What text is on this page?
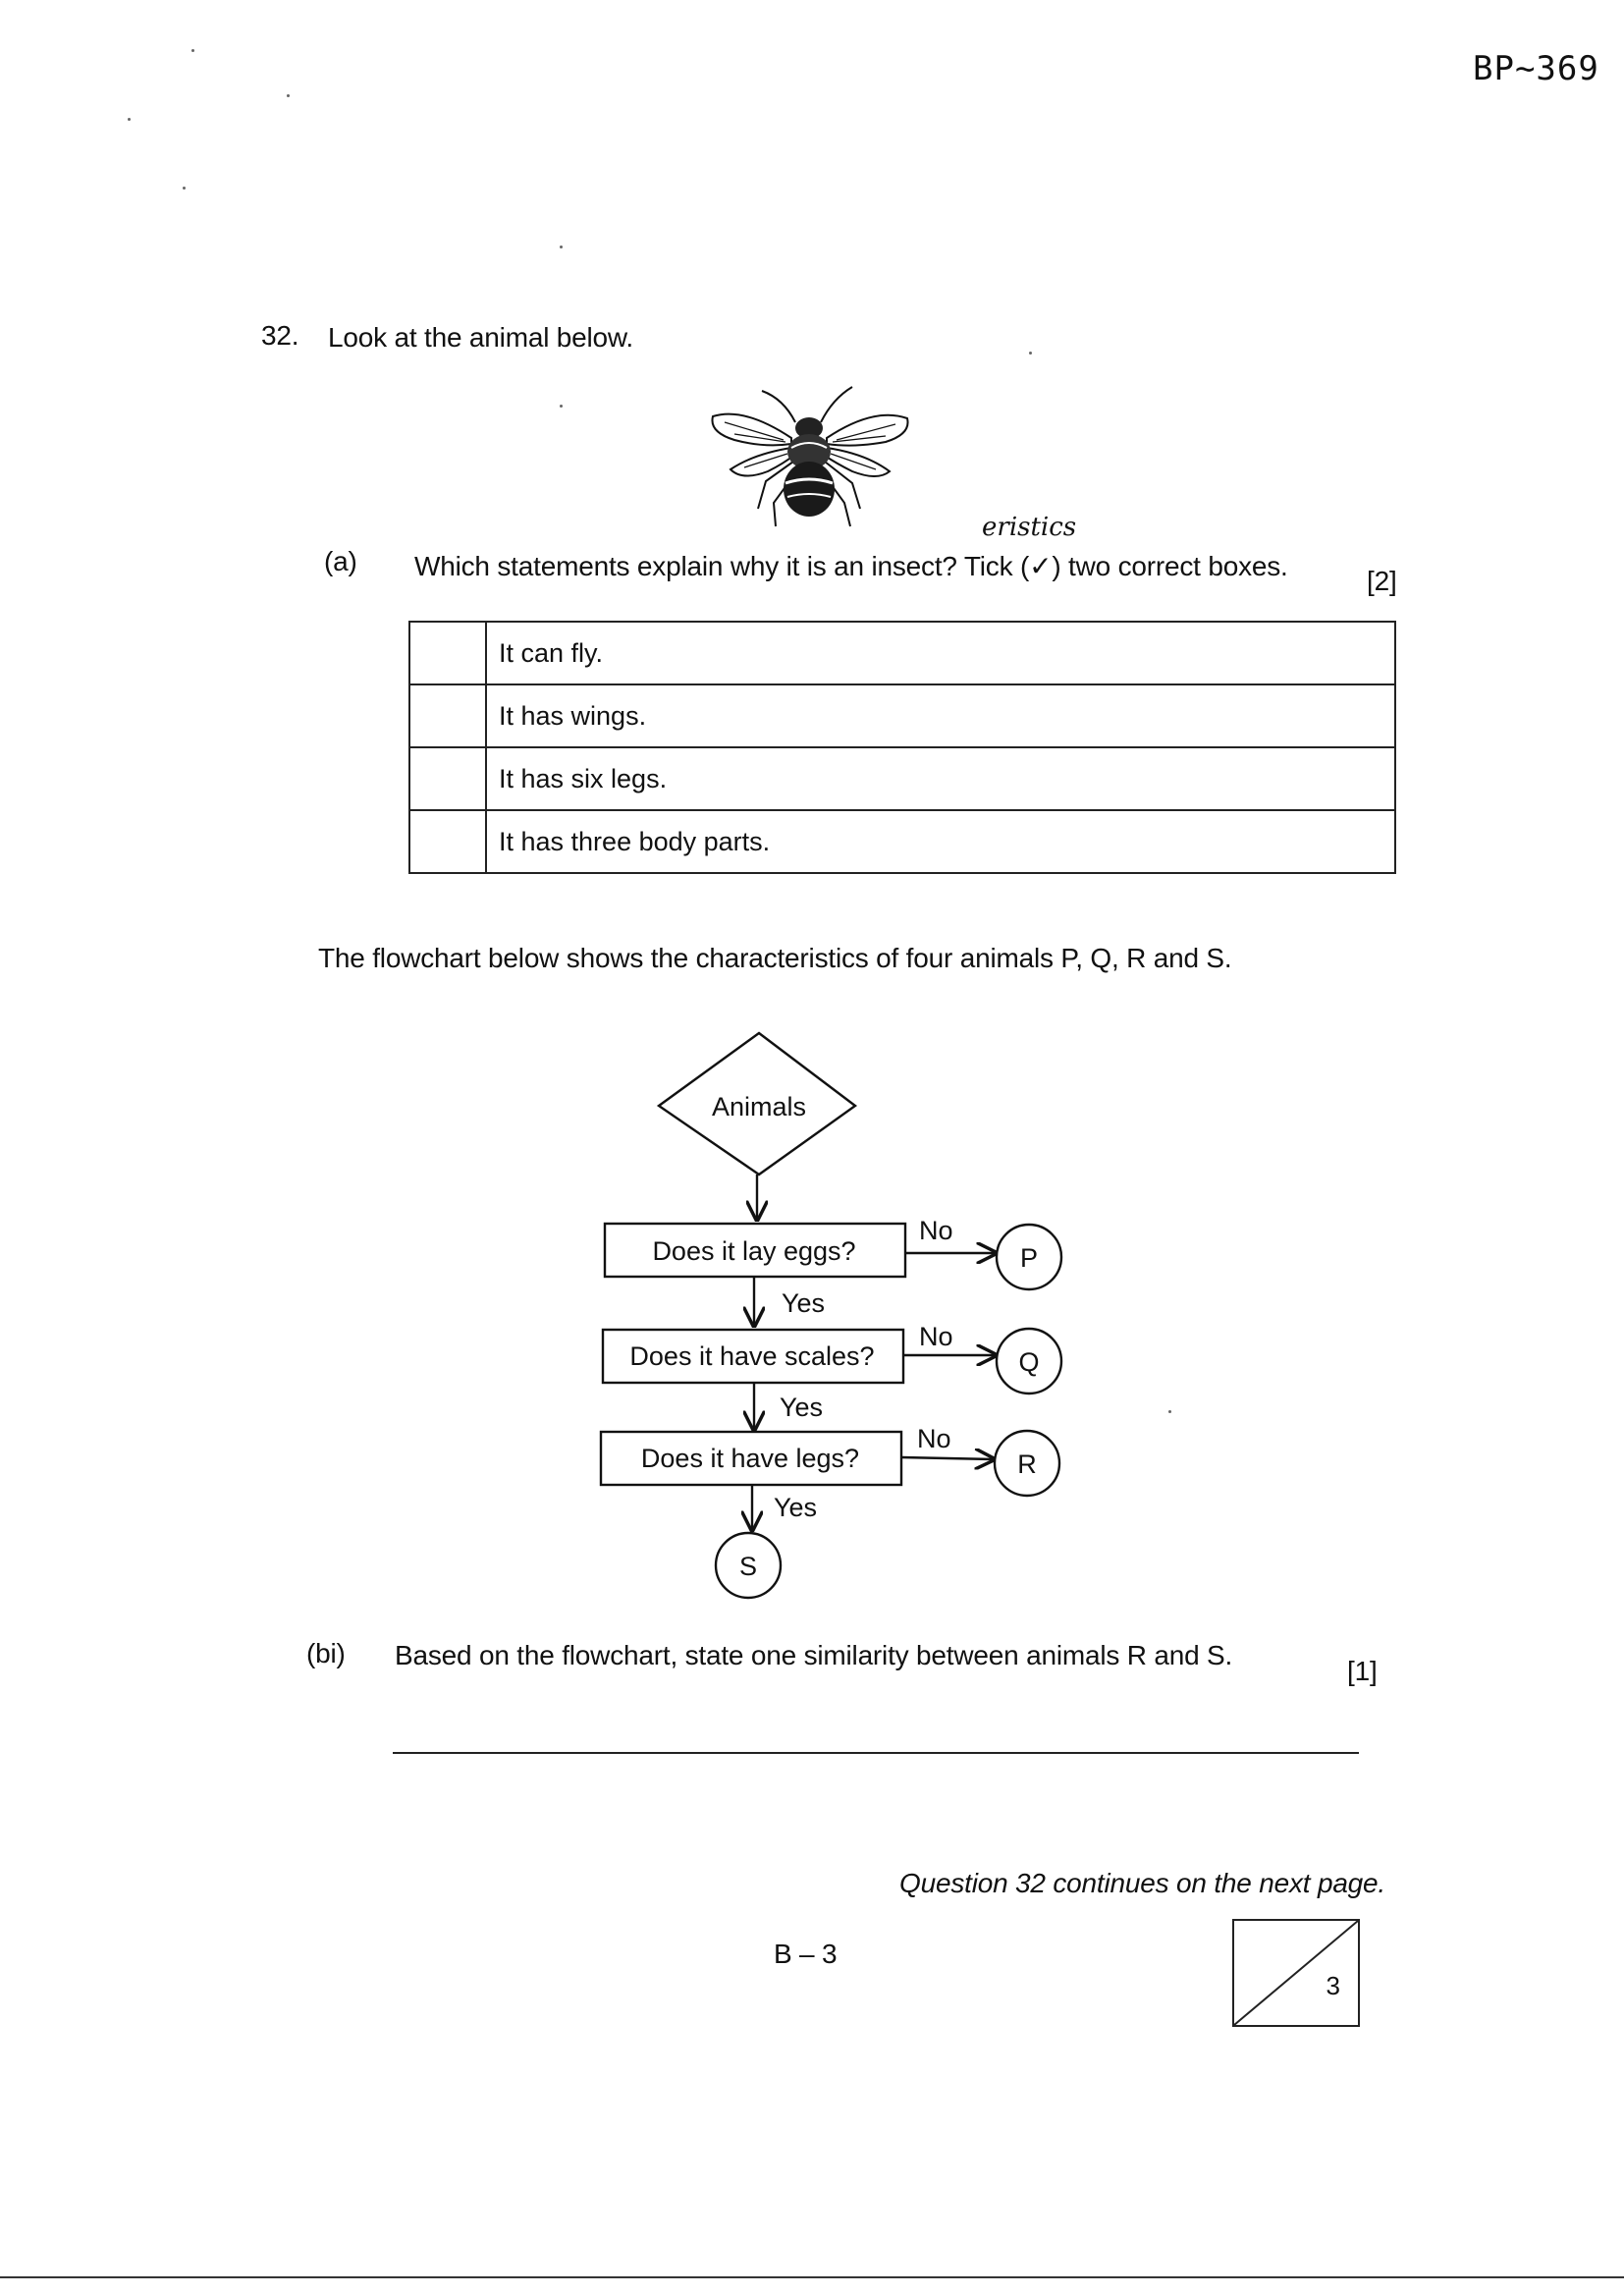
BP~369
32. Look at the animal below.
eristics
(a) Which statements explain why it is an insect? Tick (✓) two correct boxes.	[2]
	It can fly.
	It has wings.
	It has six legs.
	It has three body parts.
The flowchart below shows the characteristics of four animals P, Q, R and S.
Animals
Does it lay eggs?
No
P
Yes
Does it have scales?
No
Q
Yes
Does it have legs?
No
R
Yes
S
(bi) Based on the flowchart, state one similarity between animals R and S.
[1]
Question 32 continues on the next page.
B – 3
3
